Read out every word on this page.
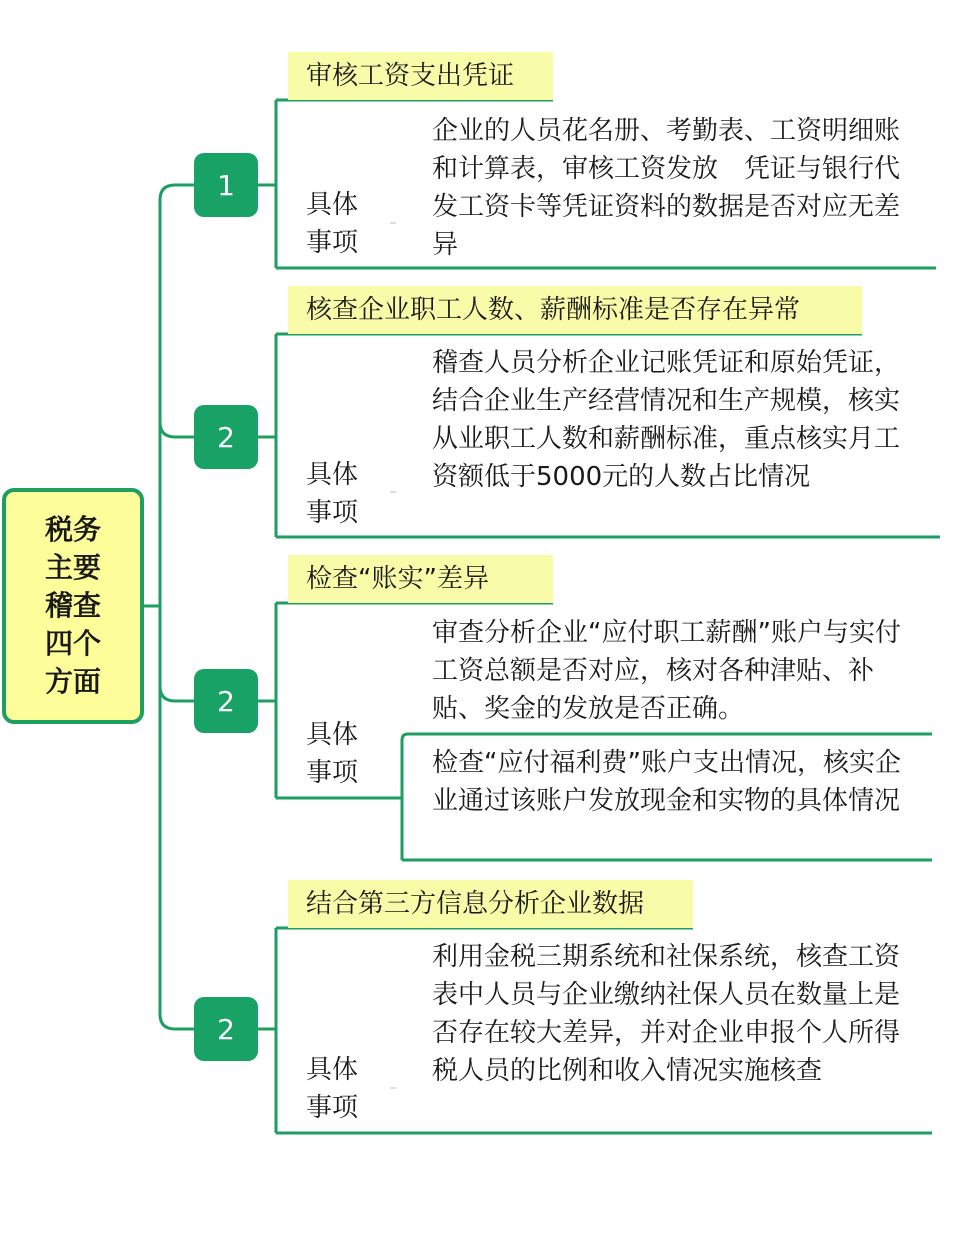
税务主要稽查四个方面
1
审核工资支出凭证
具体事项
企业的人员花名册、考勤表、工资明细账和计算表，审核工资发放　凭证与银行代发工资卡等凭证资料的数据是否对应无差异
2
核查企业职工人数、薪酬标准是否存在异常
具体事项
稽查人员分析企业记账凭证和原始凭证，结合企业生产经营情况和生产规模，核实从业职工人数和薪酬标准，重点核实月工资额低于5000元的人数占比情况
2
检查“账实”差异
具体事项
审查分析企业“应付职工薪酬”账户与实付工资总额是否对应，核对各种津贴、补贴、奖金的发放是否正确。
检查“应付福利费”账户支出情况，核实企业通过该账户发放现金和实物的具体情况
2
结合第三方信息分析企业数据
具体事项
利用金税三期系统和社保系统，核查工资表中人员与企业缴纳社保人员在数量上是否存在较大差异，并对企业申报个人所得税人员的比例和收入情况实施核查
